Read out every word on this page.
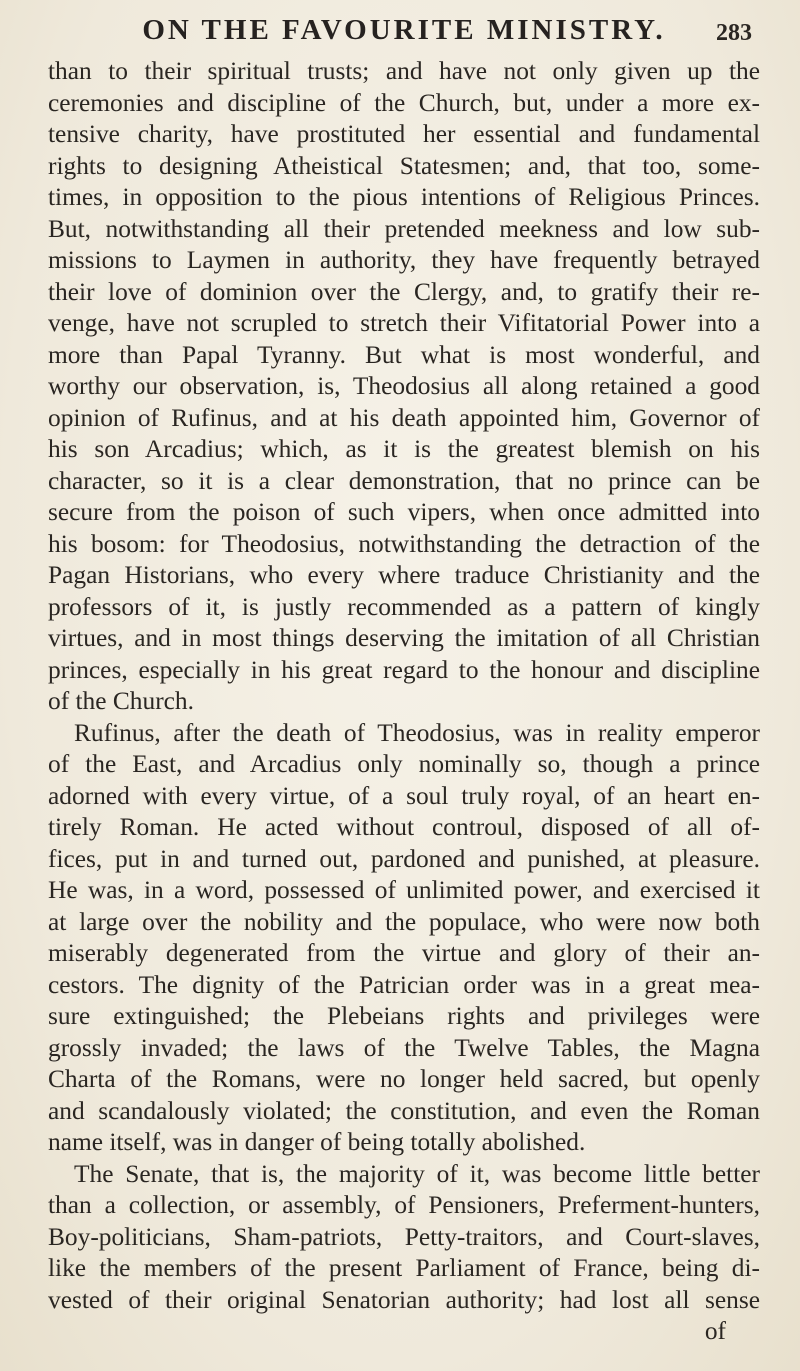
ON THE FAVOURITE MINISTRY. 283
than to their spiritual trusts; and have not only given up the
ceremonies and discipline of the Church, but, under a more ex-
tensive charity, have prostituted her essential and fundamental
rights to designing Atheistical Statesmen; and, that too, some-
times, in opposition to the pious intentions of Religious Princes.
But, notwithstanding all their pretended meekness and low sub-
missions to Laymen in authority, they have frequently betrayed
their love of dominion over the Clergy, and, to gratify their re-
venge, have not scrupled to stretch their Vifitatorial Power into a
more than Papal Tyranny. But what is most wonderful, and
worthy our observation, is, Theodosius all along retained a good
opinion of Rufinus, and at his death appointed him, Governor of
his son Arcadius; which, as it is the greatest blemish on his
character, so it is a clear demonstration, that no prince can be
secure from the poison of such vipers, when once admitted into
his bosom: for Theodosius, notwithstanding the detraction of the
Pagan Historians, who every where traduce Christianity and the
professors of it, is justly recommended as a pattern of kingly
virtues, and in most things deserving the imitation of all Christian
princes, especially in his great regard to the honour and discipline
of the Church.
Rufinus, after the death of Theodosius, was in reality emperor
of the East, and Arcadius only nominally so, though a prince
adorned with every virtue, of a soul truly royal, of an heart en-
tirely Roman. He acted without controul, disposed of all of-
fices, put in and turned out, pardoned and punished, at pleasure.
He was, in a word, possessed of unlimited power, and exercised it
at large over the nobility and the populace, who were now both
miserably degenerated from the virtue and glory of their an-
cestors. The dignity of the Patrician order was in a great mea-
sure extinguished; the Plebeians rights and privileges were
grossly invaded; the laws of the Twelve Tables, the Magna
Charta of the Romans, were no longer held sacred, but openly
and scandalously violated; the constitution, and even the Roman
name itself, was in danger of being totally abolished.
The Senate, that is, the majority of it, was become little better
than a collection, or assembly, of Pensioners, Preferment-hunters,
Boy-politicians, Sham-patriots, Petty-traitors, and Court-slaves,
like the members of the present Parliament of France, being di-
vested of their original Senatorian authority; had lost all sense
of
